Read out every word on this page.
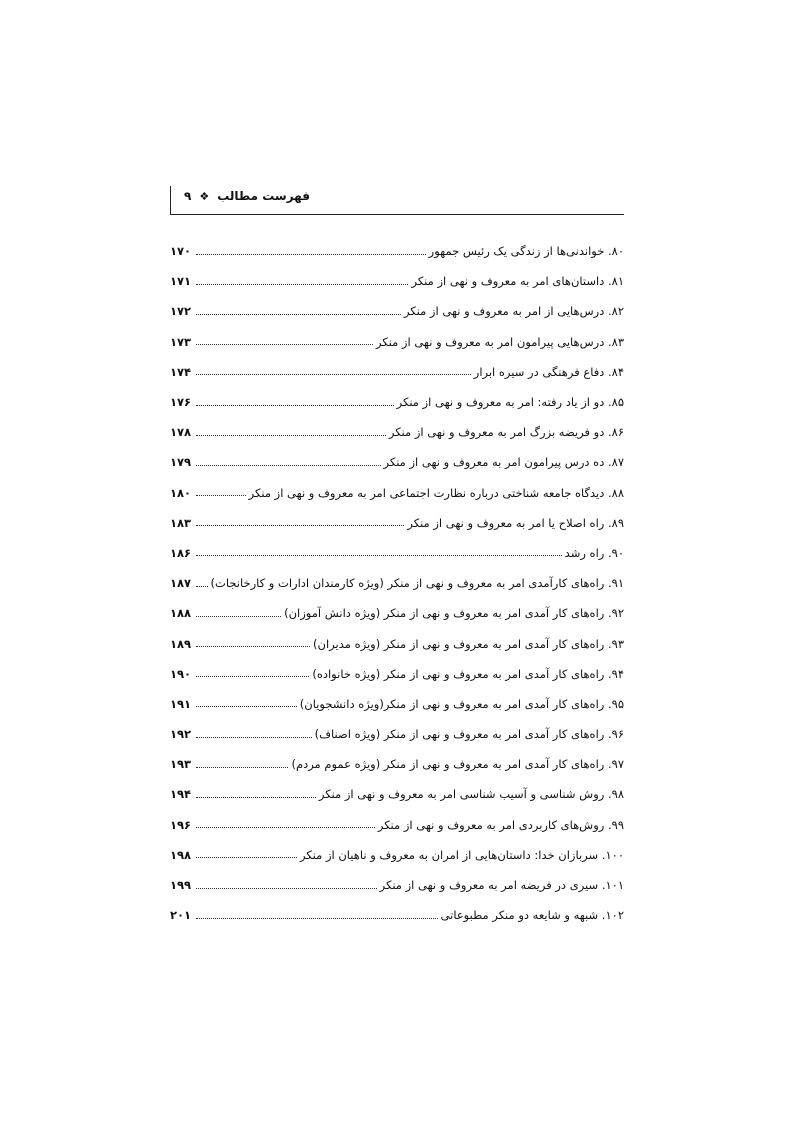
۹ ❖ فهرست مطالب
۸۰. خواندنی‌ها از زندگی یک رئیس جمهور
۱۷۰
۸۱. داستان‌های امر به معروف و نهی از منکر
۱۷۱
۸۲. درس‌هایی از امر به معروف و نهی از منکر
۱۷۲
۸۳. درس‌هایی پیرامون امر به معروف و نهی از منکر
۱۷۳
۸۴. دفاع فرهنگی در سیره ابرار
۱۷۴
۸۵. دو از یاد رفته: امر به معروف و نهی از منکر
۱۷۶
۸۶. دو فریضه بزرگ امر به معروف و نهی از منکر
۱۷۸
۸۷. ده درس پیرامون امر به معروف و نهی از منکر
۱۷۹
۸۸. دیدگاه جامعه شناختی درباره نظارت اجتماعی امر به معروف و نهی از منکر
۱۸۰
۸۹. راه اصلاح یا امر به معروف و نهی از منکر
۱۸۳
۹۰. راه رشد
۱۸۶
۹۱. راه‌های کارآمدی امر به معروف و نهی از منکر (ویژه کارمندان ادارات و کارخانجات)
۱۸۷
۹۲. راه‌های کار آمدی امر به معروف و نهی از منکر (ویژه دانش آموزان)
۱۸۸
۹۳. راه‌های کار آمدی امر به معروف و نهی از منکر (ویژه مدیران)
۱۸۹
۹۴. راه‌های کار آمدی امر به معروف و نهی از منکر (ویژه خانواده)
۱۹۰
۹۵. راه‌های کار آمدی امر به معروف و نهی از منکر(ویژه دانشجویان)
۱۹۱
۹۶. راه‌های کار آمدی امر به معروف و نهی از منکر (ویژه اصناف)
۱۹۲
۹۷. راه‌های کار آمدی امر به معروف و نهی از منکر (ویژه عموم مردم)
۱۹۳
۹۸. روش شناسی و آسیب شناسی امر به معروف و نهی از منکر
۱۹۴
۹۹. روش‌های کاربردی امر به معروف و نهی از منکر
۱۹۶
۱۰۰. سربازان خدا: داستان‌هایی از امران به معروف و ناهیان از منکر
۱۹۸
۱۰۱. سیری در فریضه امر به معروف و نهی از منکر
۱۹۹
۱۰۲. شبهه و شایعه دو منکر مطبوعاتی
۲۰۱
